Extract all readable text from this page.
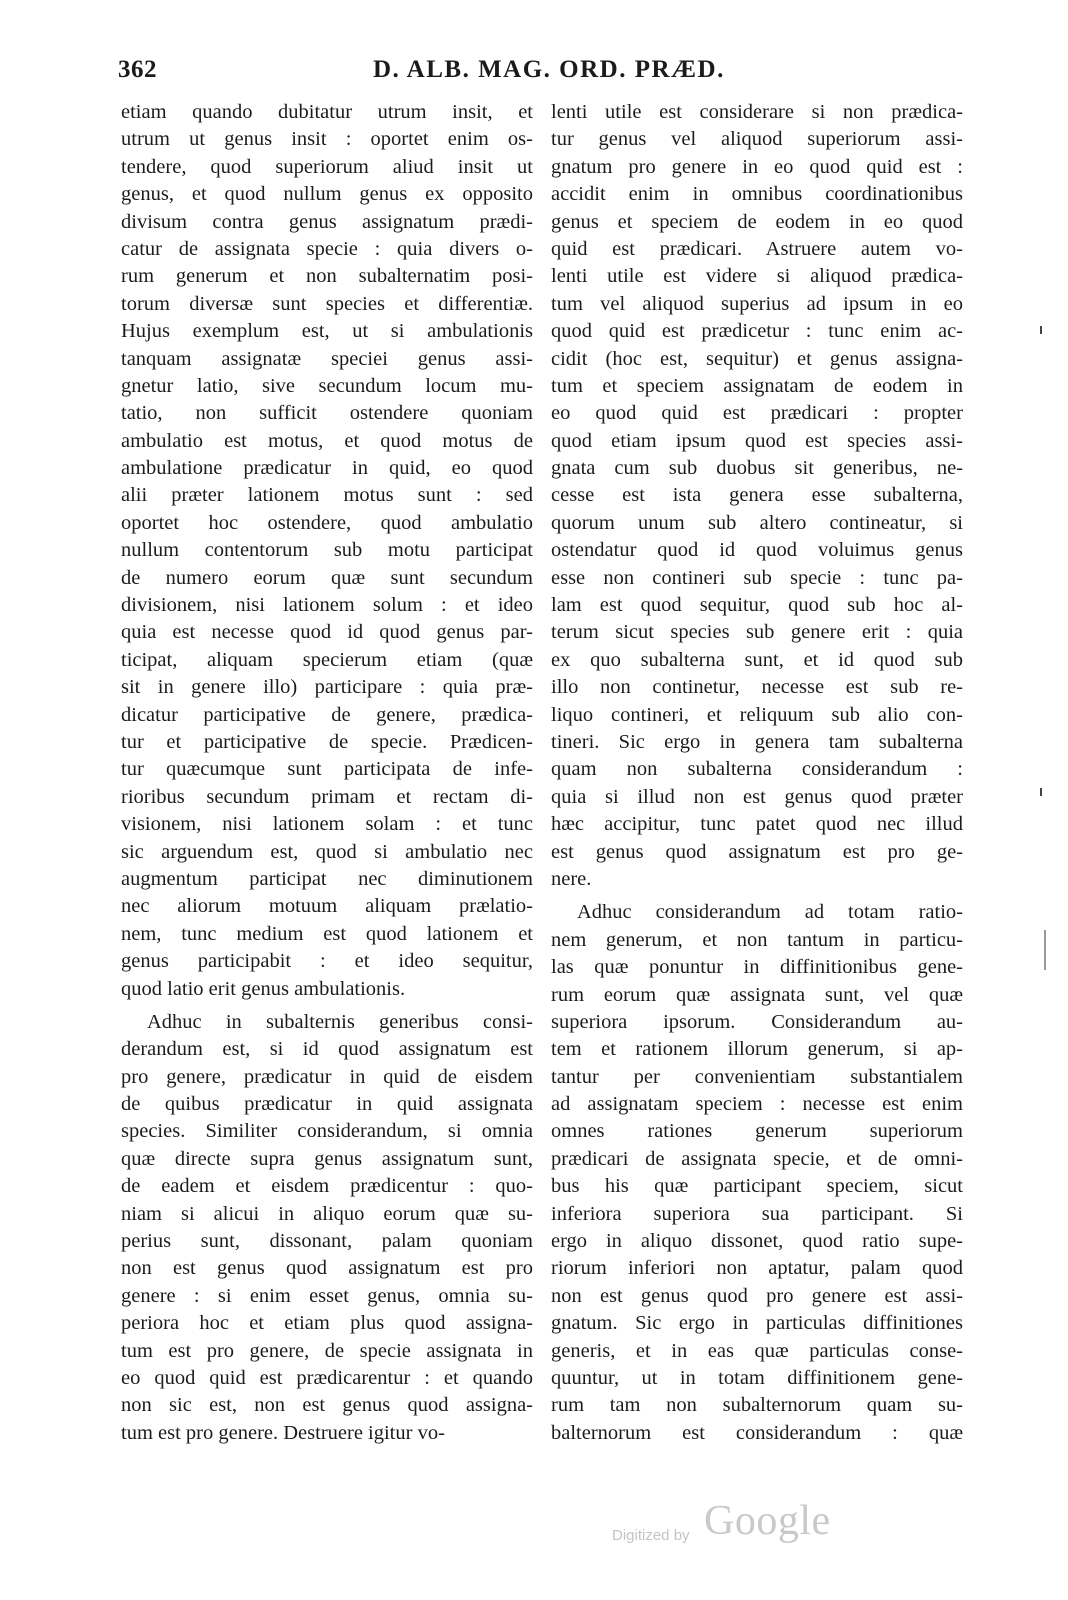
362	D. ALB. MAG. ORD. PRÆD.
etiam quando dubitatur utrum insit, et
utrum ut genus insit : oportet enim os-
tendere, quod superiorum aliud insit ut
genus, et quod nullum genus ex opposito
divisum contra genus assignatum prædi-
catur de assignata specie : quia divers o-
rum generum et non subalternatim posi-
torum diversæ sunt species et differentiæ.
Hujus exemplum est, ut si ambulationis
tanquam assignatæ speciei genus assi-
gnetur latio, sive secundum locum mu-
tatio, non sufficit ostendere quoniam
ambulatio est motus, et quod motus de
ambulatione prædicatur in quid, eo quod
alii præter lationem motus sunt : sed
oportet hoc ostendere, quod ambulatio
nullum contentorum sub motu participat
de numero eorum quæ sunt secundum
divisionem, nisi lationem solum : et ideo
quia est necesse quod id quod genus par-
ticipat, aliquam specierum etiam (quæ
sit in genere illo) participare : quia præ-
dicatur participative de genere, prædica-
tur et participative de specie. Prædicen-
tur quæcumque sunt participata de infe-
rioribus secundum primam et rectam di-
visionem, nisi lationem solam : et tunc
sic arguendum est, quod si ambulatio nec
augmentum participat nec diminutionem
nec aliorum motuum aliquam prælatio-
nem, tunc medium est quod lationem et
genus participabit : et ideo sequitur,
quod latio erit genus ambulationis.
Adhuc in subalternis generibus consi-
derandum est, si id quod assignatum est
pro genere, prædicatur in quid de eisdem
de quibus prædicatur in quid assignata
species. Similiter considerandum, si omnia
quæ directe supra genus assignatum sunt,
de eadem et eisdem prædicentur : quo-
niam si alicui in aliquo eorum quæ su-
perius sunt, dissonant, palam quoniam
non est genus quod assignatum est pro
genere : si enim esset genus, omnia su-
periora hoc et etiam plus quod assigna-
tum est pro genere, de specie assignata in
eo quod quid est prædicarentur : et quando
non sic est, non est genus quod assigna-
tum est pro genere. Destruere igitur vo-
lenti utile est considerare si non prædica-
tur genus vel aliquod superiorum assi-
gnatum pro genere in eo quod quid est :
accidit enim in omnibus coordinationibus
genus et speciem de eodem in eo quod
quid est prædicari. Astruere autem vo-
lenti utile est videre si aliquod prædica-
tum vel aliquod superius ad ipsum in eo
quod quid est prædicetur : tunc enim ac-
cidit (hoc est, sequitur) et genus assigna-
tum et speciem assignatam de eodem in
eo quod quid est prædicari : propter
quod etiam ipsum quod est species assi-
gnata cum sub duobus sit generibus, ne-
cesse est ista genera esse subalterna,
quorum unum sub altero contineatur, si
ostendatur quod id quod voluimus genus
esse non contineri sub specie : tunc pa-
lam est quod sequitur, quod sub hoc al-
terum sicut species sub genere erit : quia
ex quo subalterna sunt, et id quod sub
illo non continetur, necesse est sub re-
liquo contineri, et reliquum sub alio con-
tineri. Sic ergo in genera tam subalterna
quam non subalterna considerandum :
quia si illud non est genus quod præter
hæc accipitur, tunc patet quod nec illud
est genus quod assignatum est pro ge-
nere.
Adhuc considerandum ad totam ratio-
nem generum, et non tantum in particu-
las quæ ponuntur in diffinitionibus gene-
rum eorum quæ assignata sunt, vel quæ
superiora ipsorum. Considerandum au-
tem et rationem illorum generum, si ap-
tantur per convenientiam substantialem
ad assignatam speciem : necesse est enim
omnes rationes generum superiorum
prædicari de assignata specie, et de omni-
bus his quæ participant speciem, sicut
inferiora superiora sua participant. Si
ergo in aliquo dissonet, quod ratio supe-
riorum inferiori non aptatur, palam quod
non est genus quod pro genere est assi-
gnatum. Sic ergo in particulas diffinitiones
generis, et in eas quæ particulas conse-
quuntur, ut in totam diffinitionem gene-
rum tam non subalternorum quam su-
balternorum est considerandum : quæ
Digitized by Google
